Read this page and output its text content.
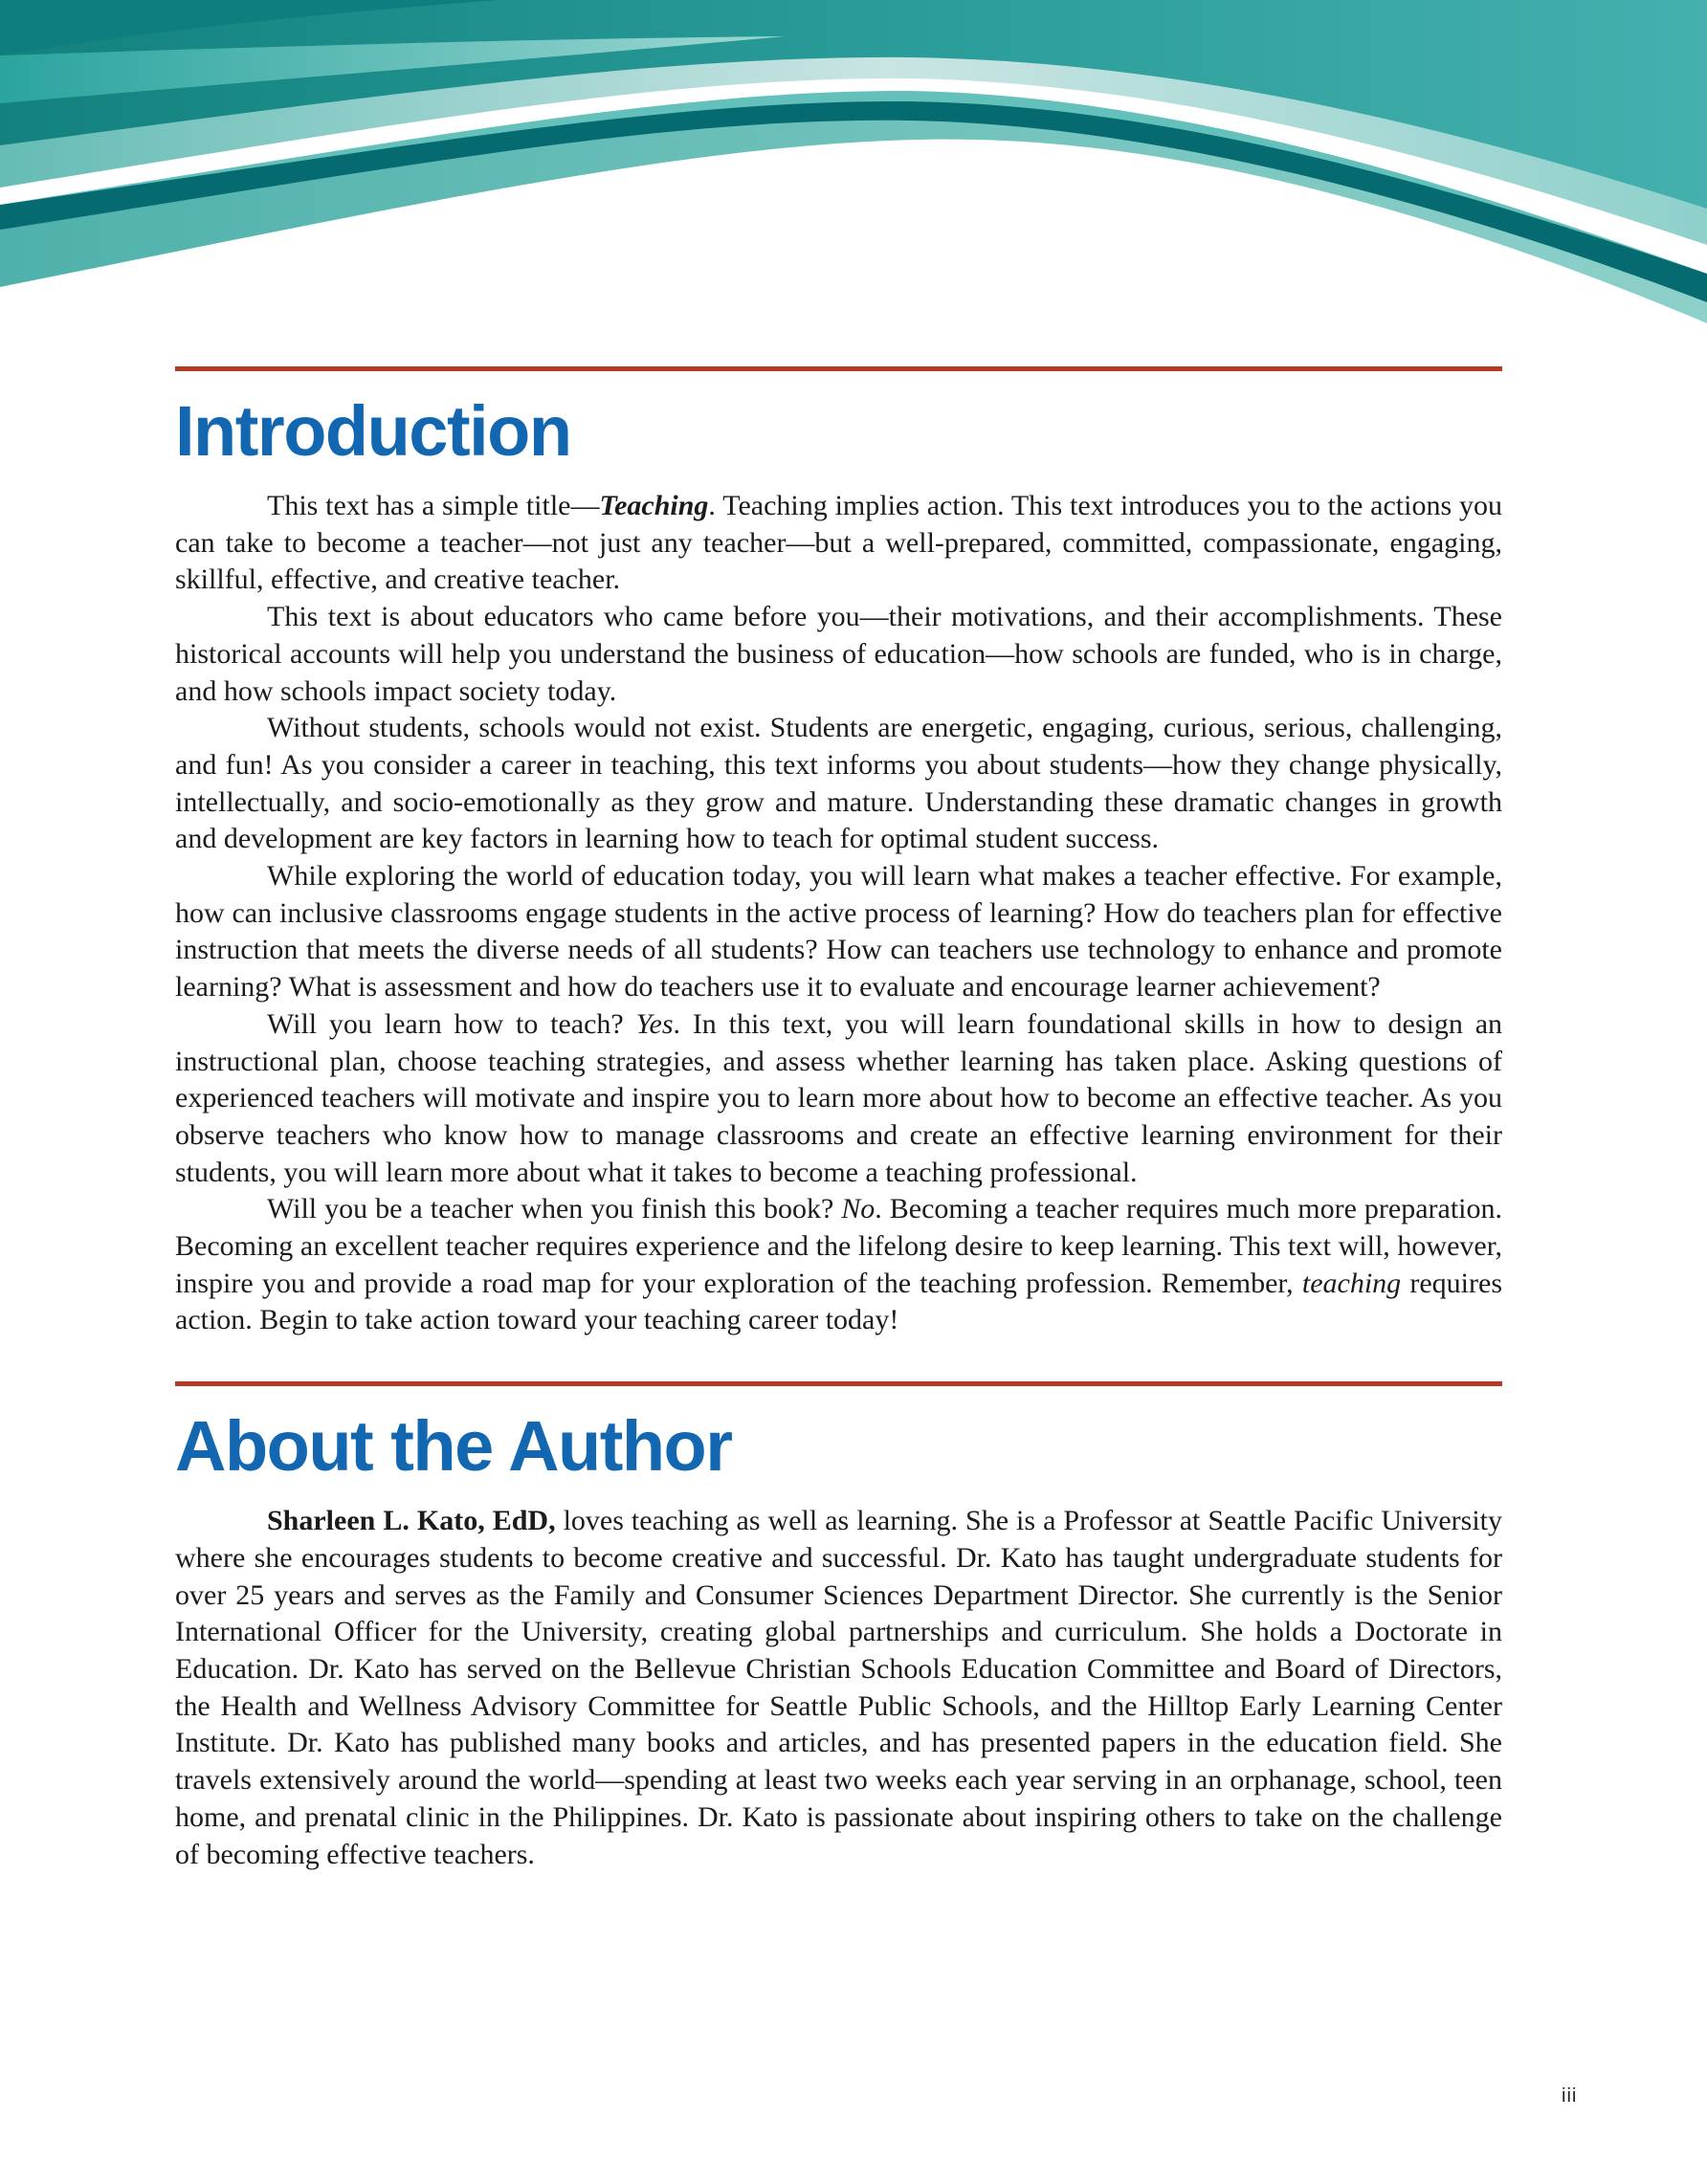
Introduction

This text has a simple title—Teaching. Teaching implies action. This text introduces you to the actions you can take to become a teacher—not just any teacher—but a well-prepared, committed, compassionate, engaging, skillful, effective, and creative teacher.

This text is about educators who came before you—their motivations, and their accomplishments. These historical accounts will help you understand the business of education—how schools are funded, who is in charge, and how schools impact society today.

Without students, schools would not exist. Students are energetic, engaging, curious, serious, challenging, and fun! As you consider a career in teaching, this text informs you about students—how they change physically, intellectually, and socio-emotionally as they grow and mature. Understanding these dramatic changes in growth and development are key factors in learning how to teach for optimal student success.

While exploring the world of education today, you will learn what makes a teacher effective. For example, how can inclusive classrooms engage students in the active process of learning? How do teachers plan for effective instruction that meets the diverse needs of all students? How can teachers use technology to enhance and promote learning? What is assessment and how do teachers use it to evaluate and encourage learner achievement?

Will you learn how to teach? Yes. In this text, you will learn foundational skills in how to design an instructional plan, choose teaching strategies, and assess whether learning has taken place. Asking questions of experienced teachers will motivate and inspire you to learn more about how to become an effective teacher. As you observe teachers who know how to manage classrooms and create an effective learning environment for their students, you will learn more about what it takes to become a teaching professional.

Will you be a teacher when you finish this book? No. Becoming a teacher requires much more preparation. Becoming an excellent teacher requires experience and the lifelong desire to keep learning. This text will, however, inspire you and provide a road map for your exploration of the teaching profession. Remember, teaching requires action. Begin to take action toward your teaching career today!

About the Author

Sharleen L. Kato, EdD, loves teaching as well as learning. She is a Professor at Seattle Pacific University where she encourages students to become creative and successful. Dr. Kato has taught undergraduate students for over 25 years and serves as the Family and Consumer Sciences Department Director. She currently is the Senior International Officer for the University, creating global partnerships and curriculum. She holds a Doctorate in Education. Dr. Kato has served on the Bellevue Christian Schools Education Committee and Board of Directors, the Health and Wellness Advisory Committee for Seattle Public Schools, and the Hilltop Early Learning Center Institute. Dr. Kato has published many books and articles, and has presented papers in the education field. She travels extensively around the world—spending at least two weeks each year serving in an orphanage, school, teen home, and prenatal clinic in the Philippines. Dr. Kato is passionate about inspiring others to take on the challenge of becoming effective teachers.

iii
